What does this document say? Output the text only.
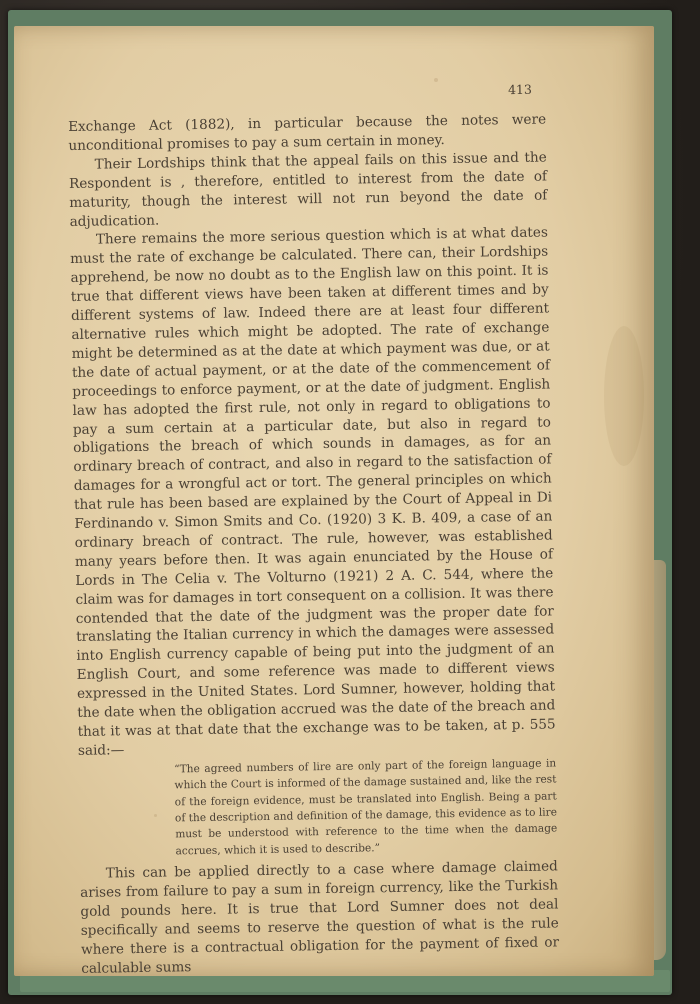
413

Exchange Act (1882), in particular because the notes were unconditional promises to pay a sum certain in money.

Their Lordships think that the appeal fails on this issue and the Respondent is , therefore, entitled to interest from the date of maturity, though the interest will not run beyond the date of adjudication.

There remains the more serious question which is at what dates must the rate of exchange be calculated. There can, their Lordships apprehend, be now no doubt as to the English law on this point. It is true that different views have been taken at different times and by different systems of law. Indeed there are at least four different alternative rules which might be adopted. The rate of exchange might be determined as at the date at which payment was due, or at the date of actual payment, or at the date of the commencement of proceedings to enforce payment, or at the date of judgment. English law has adopted the first rule, not only in regard to obligations to pay a sum certain at a particular date, but also in regard to obligations the breach of which sounds in damages, as for an ordinary breach of contract, and also in regard to the satisfaction of damages for a wrongful act or tort. The general principles on which that rule has been based are explained by the Court of Appeal in Di Ferdinando v. Simon Smits and Co. (1920) 3 K. B. 409, a case of an ordinary breach of contract. The rule, however, was established many years before then. It was again enunciated by the House of Lords in The Celia v. The Volturno (1921) 2 A. C. 544, where the claim was for damages in tort consequent on a collision. It was there contended that the date of the judgment was the proper date for translating the Italian currency in which the damages were assessed into English currency capable of being put into the judgment of an English Court, and some reference was made to different views expressed in the United States. Lord Sumner, however, holding that the date when the obligation accrued was the date of the breach and that it was at that date that the exchange was to be taken, at p. 555 said:—

“The agreed numbers of lire are only part of the foreign language in which the Court is informed of the damage sustained and, like the rest of the foreign evidence, must be translated into English. Being a part of the description and definition of the damage, this evidence as to lire must be understood with reference to the time when the damage accrues, which it is used to describe.”

This can be applied directly to a case where damage claimed arises from failure to pay a sum in foreign currency, like the Turkish gold pounds here. It is true that Lord Sumner does not deal specifically and seems to reserve the question of what is the rule where there is a contractual obligation for the payment of fixed or calculable sums
